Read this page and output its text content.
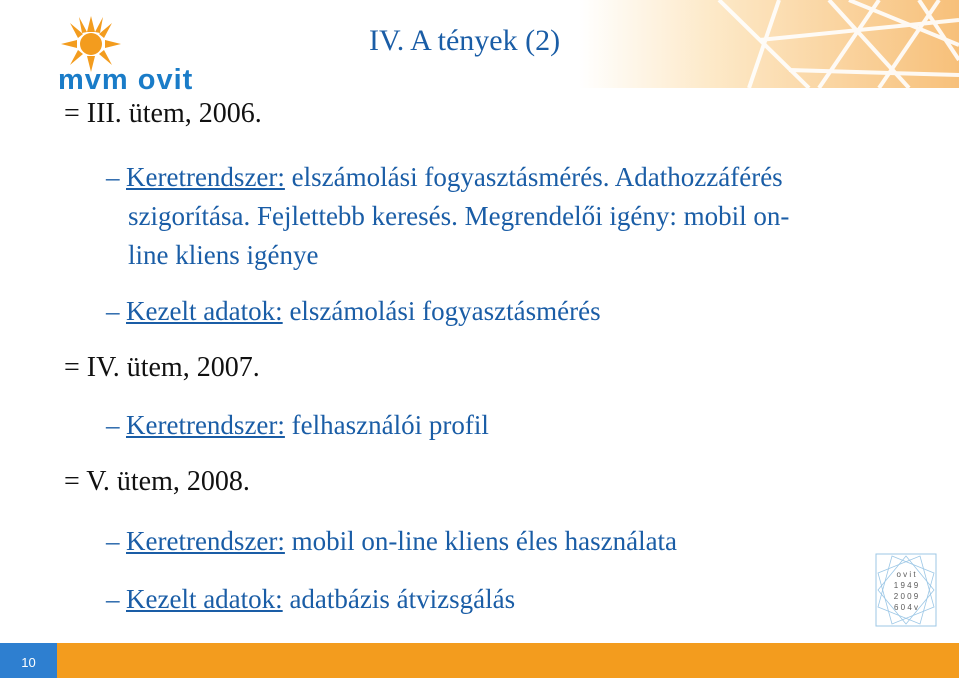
mvm ovit
IV. A tények (2)
= III. ütem, 2006.
– Keretrendszer: elszámolási fogyasztásmérés. Adathozzáférés
szigorítása. Fejlettebb keresés. Megrendelői igény: mobil on-
line kliens igénye
– Kezelt adatok: elszámolási fogyasztásmérés
= IV. ütem, 2007.
– Keretrendszer: felhasználói profil
= V. ütem, 2008.
– Keretrendszer: mobil on-line kliens éles használata
– Kezelt adatok: adatbázis átvizsgálás
o v i t
1 9 4 9
2 0 0 9
6 0 4 v
10
